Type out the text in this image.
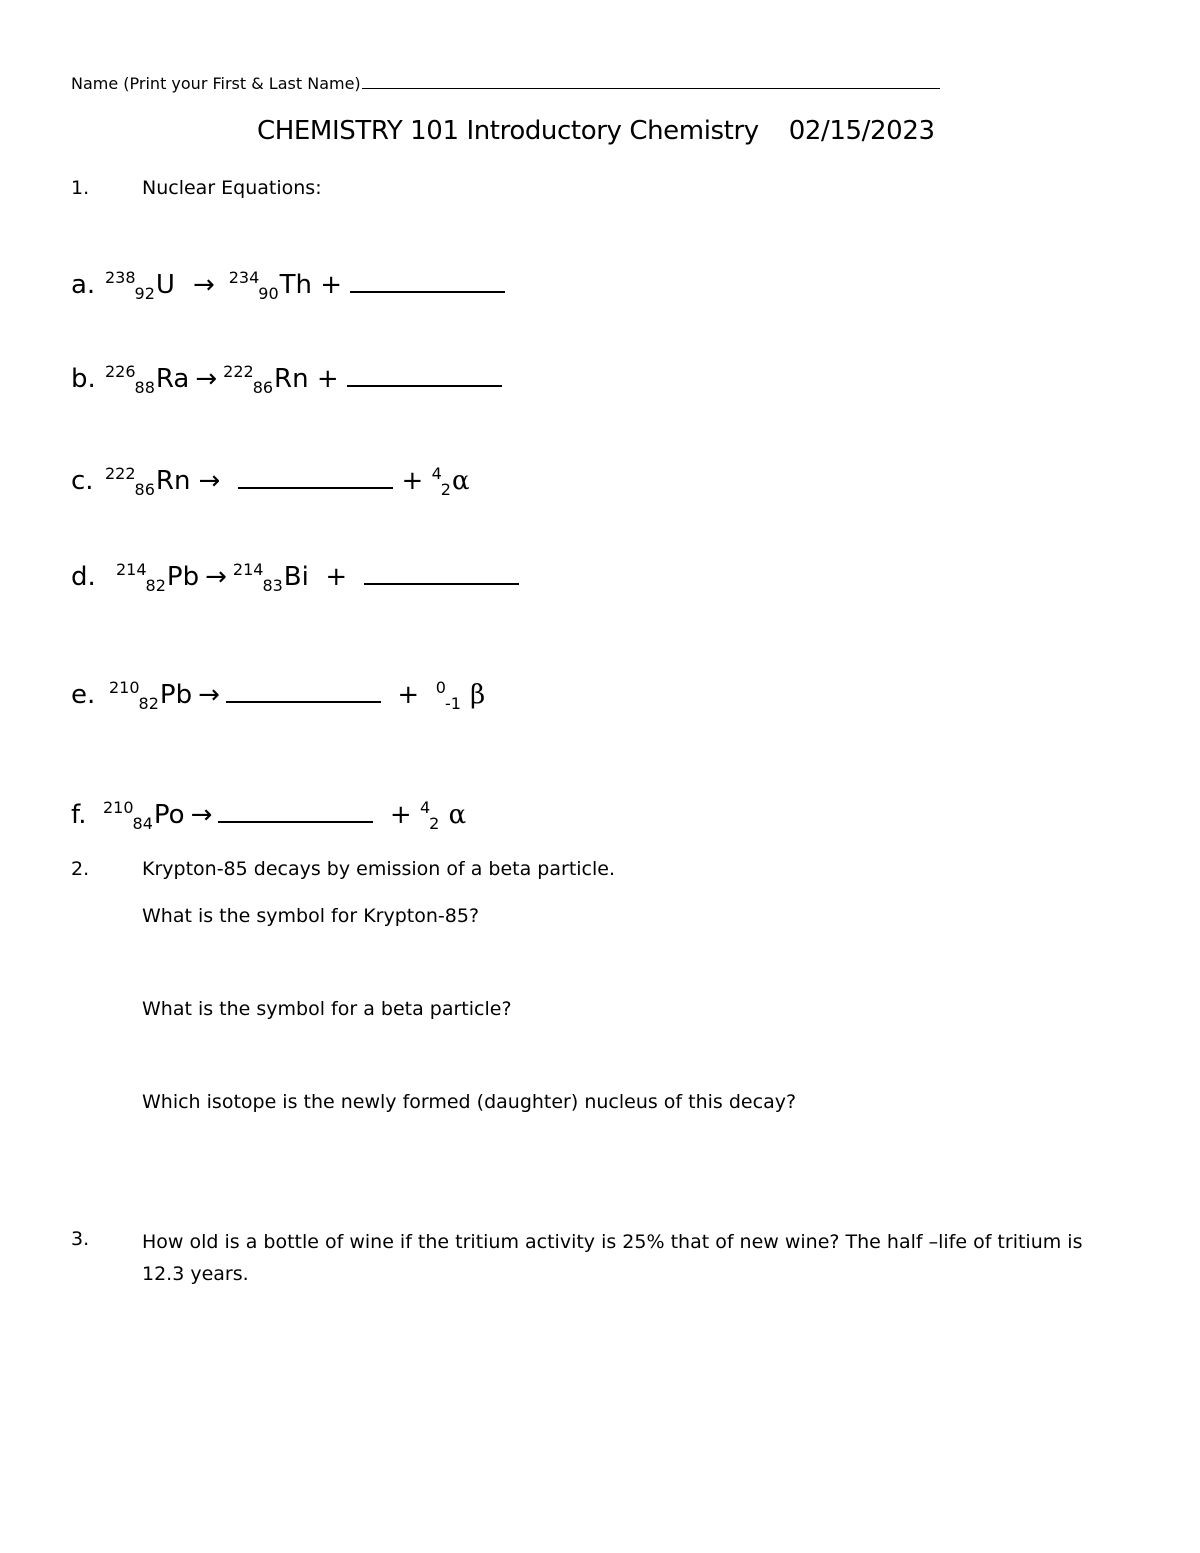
Name (Print your First & Last Name)
CHEMISTRY 101 Introductory Chemistry 02/15/2023
1.	Nuclear Equations:
a. $^{238}_{92}$U → $^{234}_{90}$Th +
b. $^{226}_{88}$Ra → $^{222}_{86}$Rn +
c. $^{222}_{86}$Rn →	+ $^4_2$α
d. $^{214}_{82}$Pb → $^{214}_{83}$Bi +
e. $^{210}_{82}$Pb →	+ $^0_{-1}$ β
f. $^{210}_{84}$Po →	+ $^4_2$ α
2.	Krypton-85 decays by emission of a beta particle.
What is the symbol for Krypton-85?
What is the symbol for a beta particle?
Which isotope is the newly formed (daughter) nucleus of this decay?
3.	How old is a bottle of wine if the tritium activity is 25% that of new wine? The half –life of tritium is 12.3 years.
